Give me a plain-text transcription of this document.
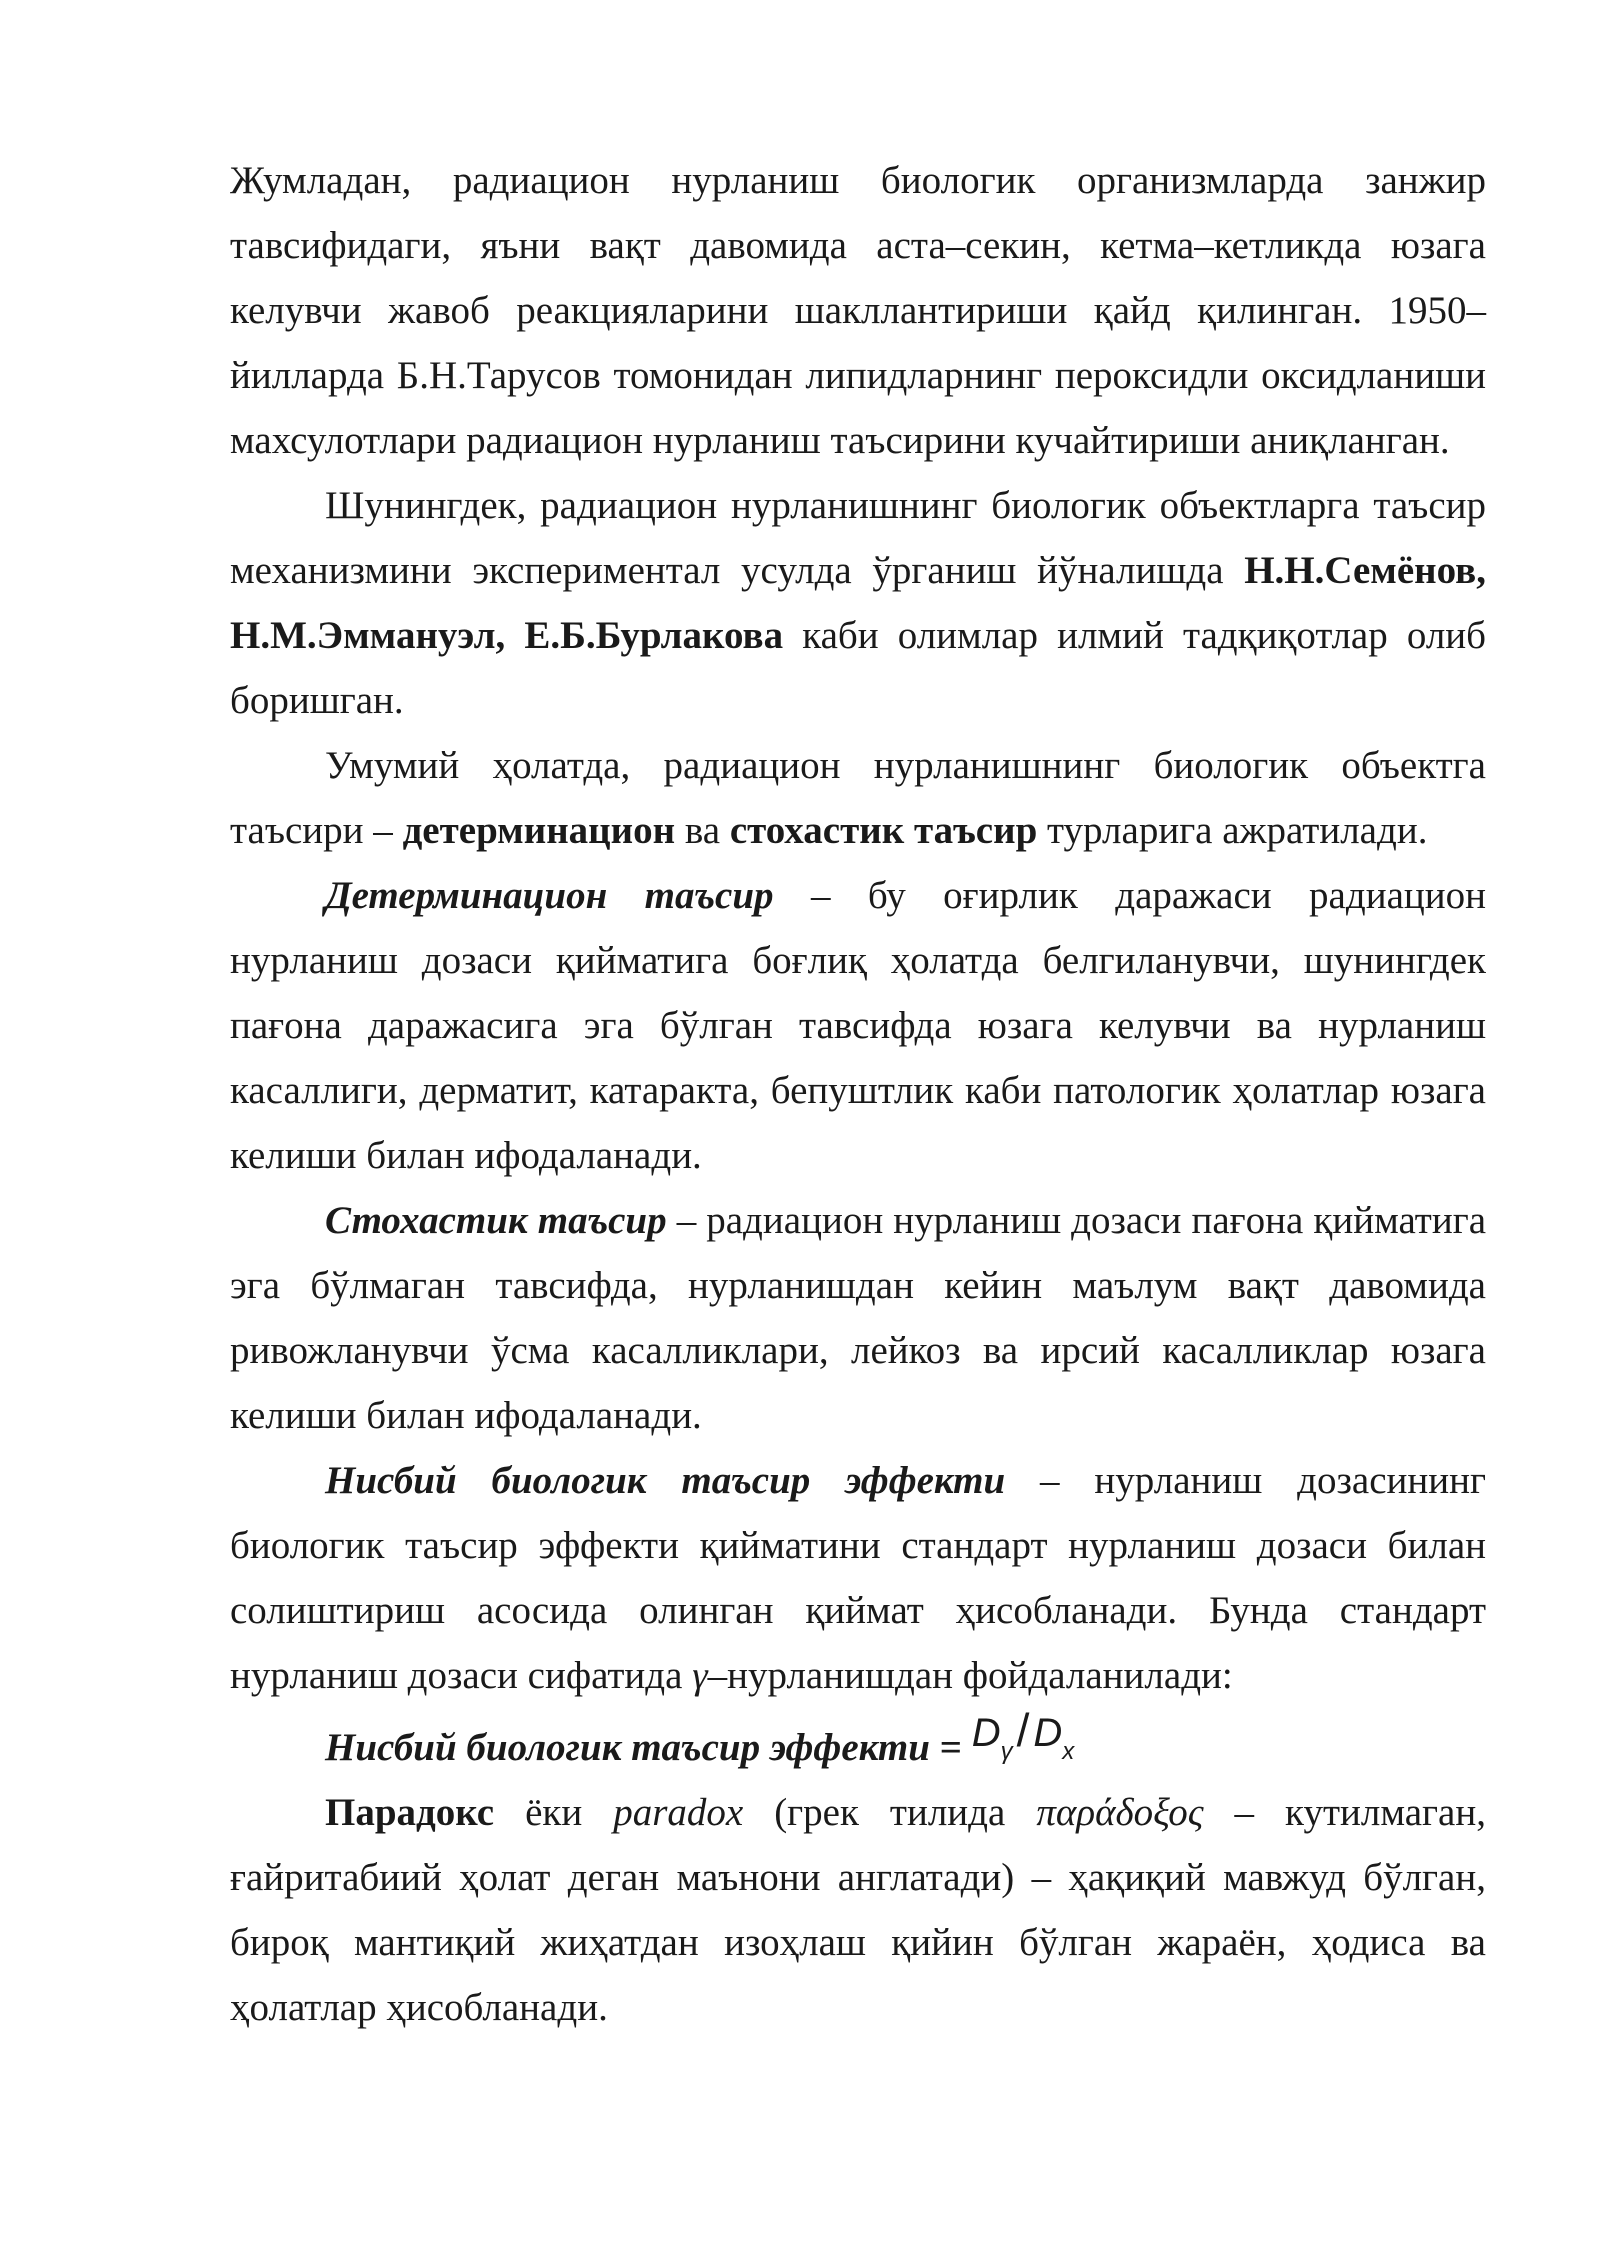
Жумладан, радиацион нурланиш биологик организмларда занжир тавсифидаги, яъни вақт давомида аста–секин, кетма–кетликда юзага келувчи жавоб реакцияларини шакллантириши қайд қилинган. 1950–йилларда Б.Н.Тарусов томонидан липидларнинг пероксидли оксидланиши махсулотлари радиацион нурланиш таъсирини кучайтириши аниқланган.

Шунингдек, радиацион нурланишнинг биологик объектларга таъсир механизмини экспериментал усулда ўрганиш йўналишда Н.Н.Семёнов, Н.М.Эммануэл, Е.Б.Бурлакова каби олимлар илмий тадқиқотлар олиб боришган.

Умумий ҳолатда, радиацион нурланишнинг биологик объектга таъсири – детерминацион ва стохастик таъсир турларига ажратилади.

Детерминацион таъсир – бу оғирлик даражаси радиацион нурланиш дозаси қийматига боғлиқ ҳолатда белгиланувчи, шунингдек пағона даражасига эга бўлган тавсифда юзага келувчи ва нурланиш касаллиги, дерматит, катаракта, бепуштлик каби патологик ҳолатлар юзага келиши билан ифодаланади.

Стохастик таъсир – радиацион нурланиш дозаси пағона қийматига эга бўлмаган тавсифда, нурланишдан кейин маълум вақт давомида ривожланувчи ўсма касалликлари, лейкоз ва ирсий касалликлар юзага келиши билан ифодаланади.

Нисбий биологик таъсир эффекти – нурланиш дозасининг биологик таъсир эффекти қийматини стандарт нурланиш дозаси билан солиштириш асосида олинган қиймат ҳисобланади. Бунда стандарт нурланиш дозаси сифатида γ–нурланишдан фойдаланилади:

Нисбий биологик таъсир эффекти = $D_\gamma/$ $D_x$

Парадокс ёки paradox (грек тилида παράδοξος – кутилмаган, ғайритабиий ҳолат деган маънони англатади) – ҳақиқий мавжуд бўлган, бироқ мантиқий жиҳатдан изоҳлаш қийин бўлган жараён, ҳодиса ва ҳолатлар ҳисобланади.
